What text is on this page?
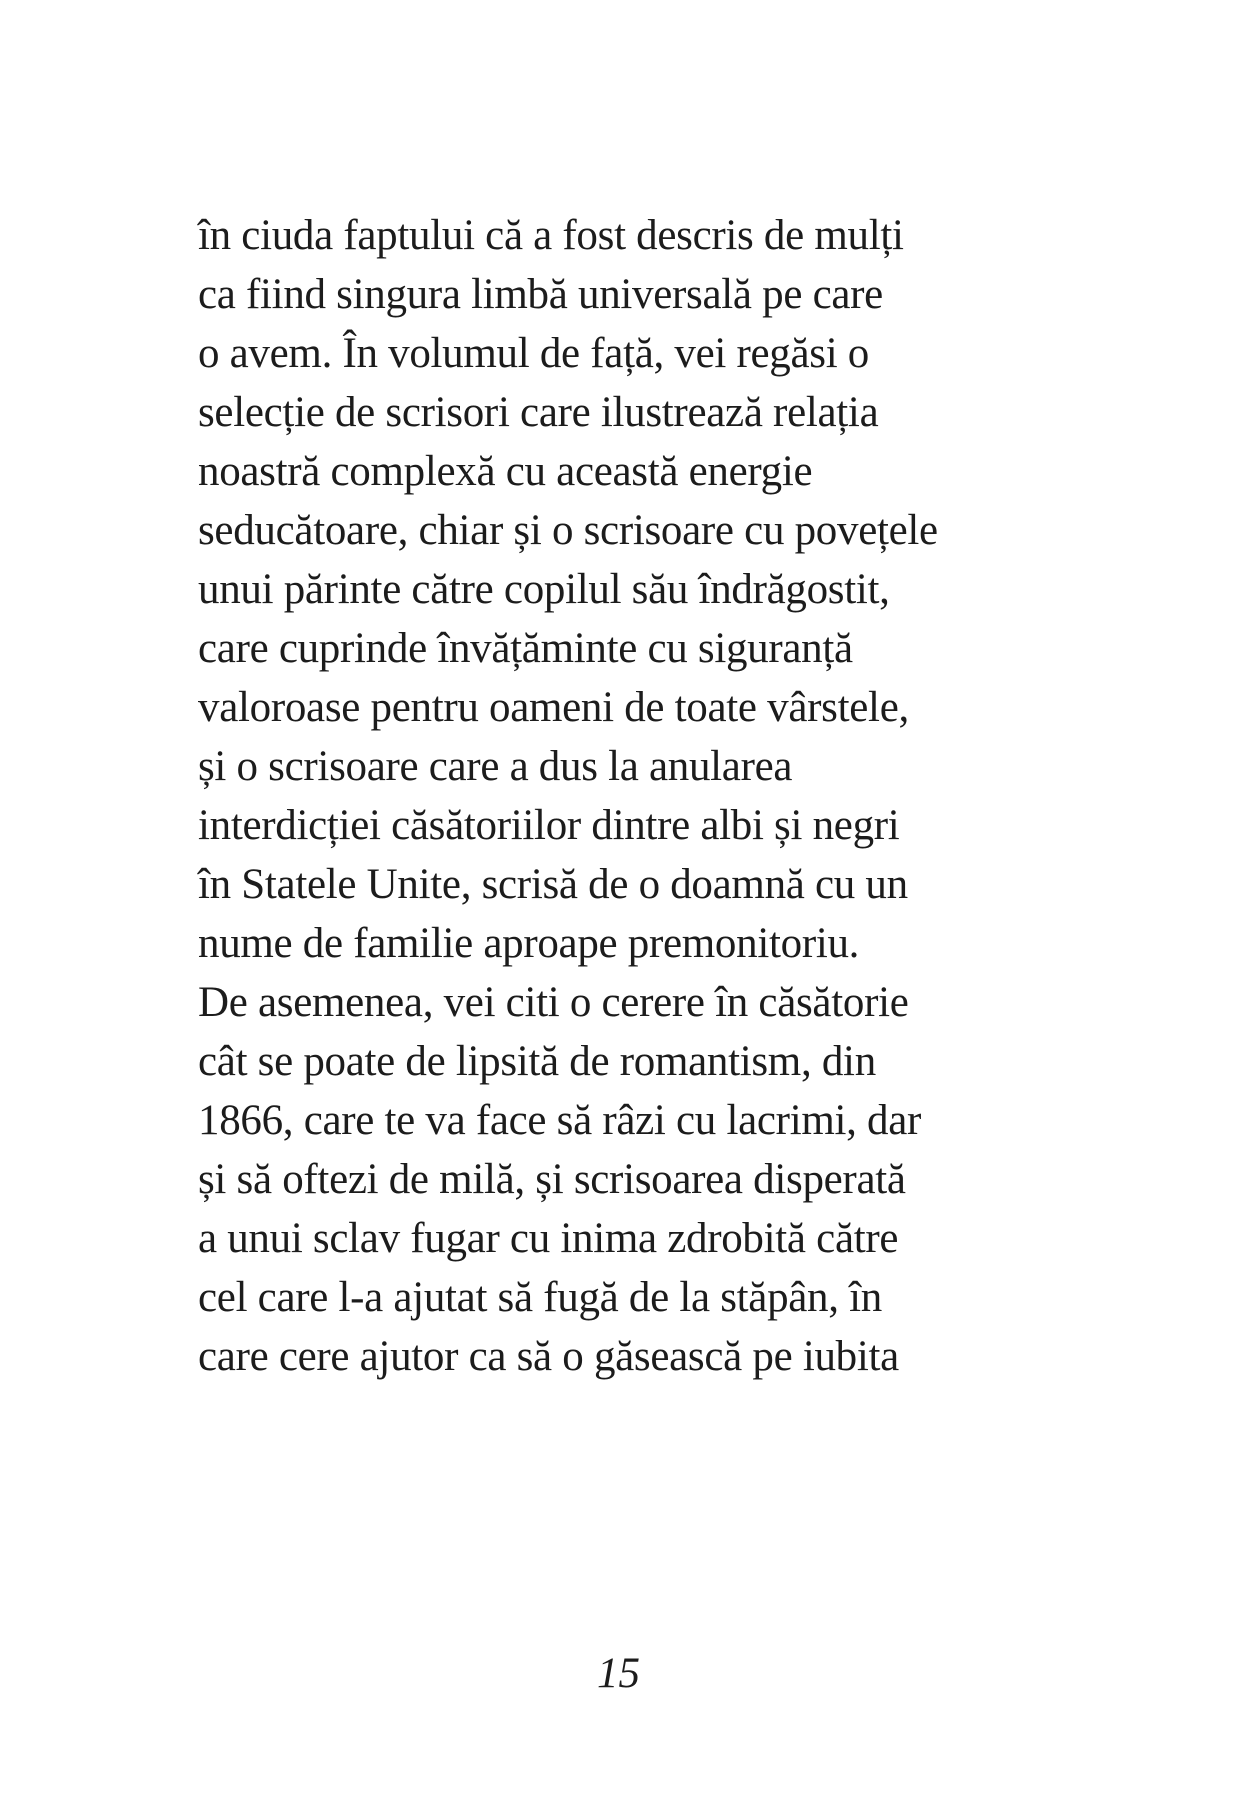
în ciuda faptului că a fost descris de mulți
ca fiind singura limbă universală pe care
o avem. În volumul de față, vei regăsi o
selecție de scrisori care ilustrează relația
noastră complexă cu această energie
seducătoare, chiar și o scrisoare cu povețele
unui părinte către copilul său îndrăgostit,
care cuprinde învățăminte cu siguranță
valoroase pentru oameni de toate vârstele,
și o scrisoare care a dus la anularea
interdicției căsătoriilor dintre albi și negri
în Statele Unite, scrisă de o doamnă cu un
nume de familie aproape premonitoriu.
De asemenea, vei citi o cerere în căsătorie
cât se poate de lipsită de romantism, din
1866, care te va face să râzi cu lacrimi, dar
și să oftezi de milă, și scrisoarea disperată
a unui sclav fugar cu inima zdrobită către
cel care l-a ajutat să fugă de la stăpân, în
care cere ajutor ca să o găsească pe iubita
15
